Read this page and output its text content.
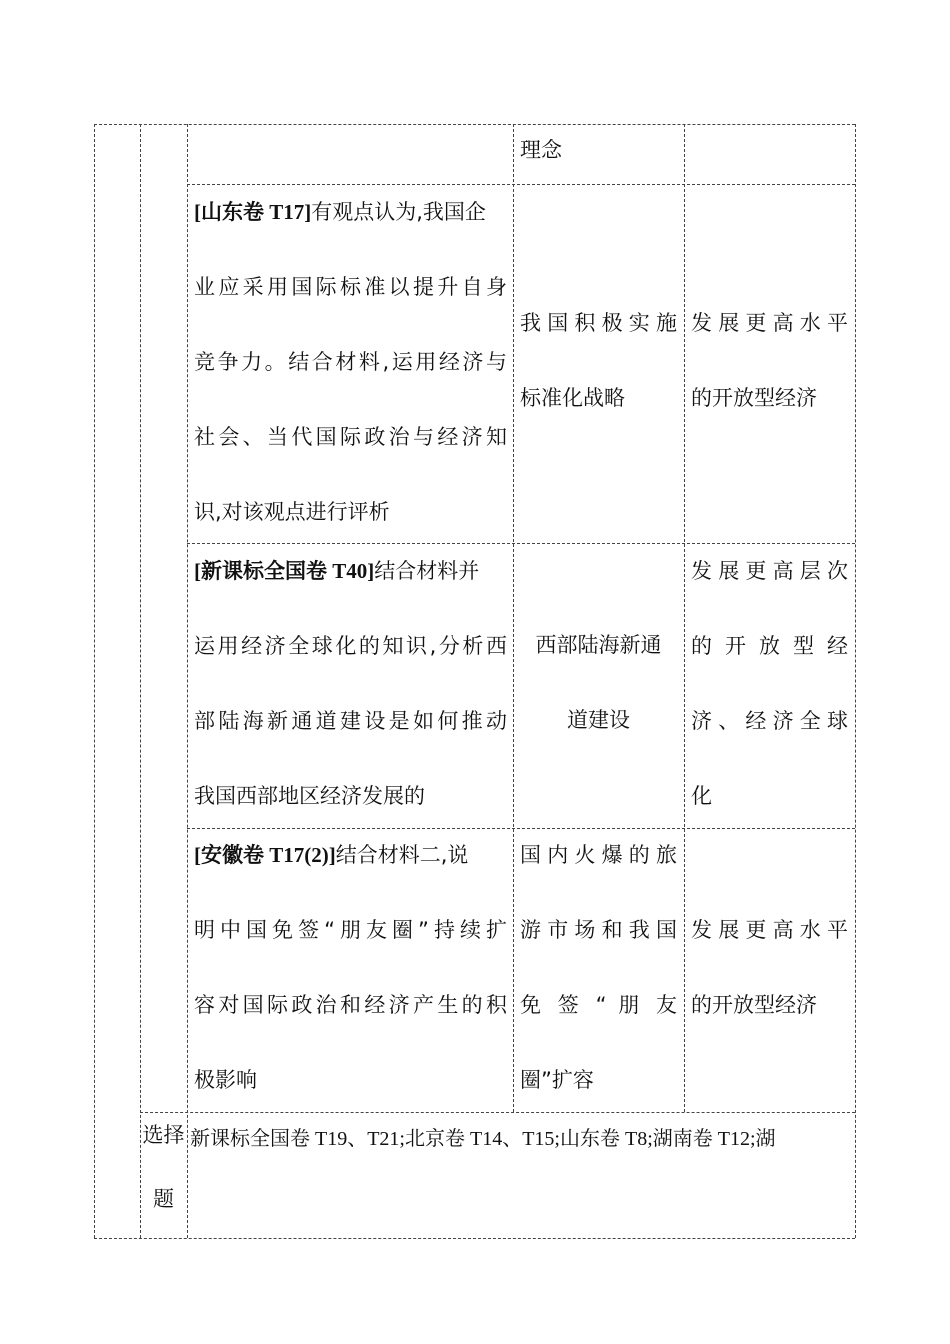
理念
[山东卷 T17]有观点认为,我国企
业应采用国际标准以提升自身
竞争力。结合材料,运用经济与
社会、当代国际政治与经济知
识,对该观点进行评析
我国积极实施
标准化战略
发展更高水平
的开放型经济
[新课标全国卷 T40]结合材料并
运用经济全球化的知识,分析西
部陆海新通道建设是如何推动
我国西部地区经济发展的
西部陆海新通
道建设
发展更高层次
的 开 放 型 经
济、经济全球
化
[安徽卷 T17(2)]结合材料二,说
明中国免签“朋友圈”持续扩
容对国际政治和经济产生的积
极影响
国内火爆的旅
游市场和我国
免 签 “ 朋 友
圈”扩容
发展更高水平
的开放型经济
选择
题
新课标全国卷 T19、T21;北京卷 T14、T15;山东卷 T8;湖南卷 T12;湖
